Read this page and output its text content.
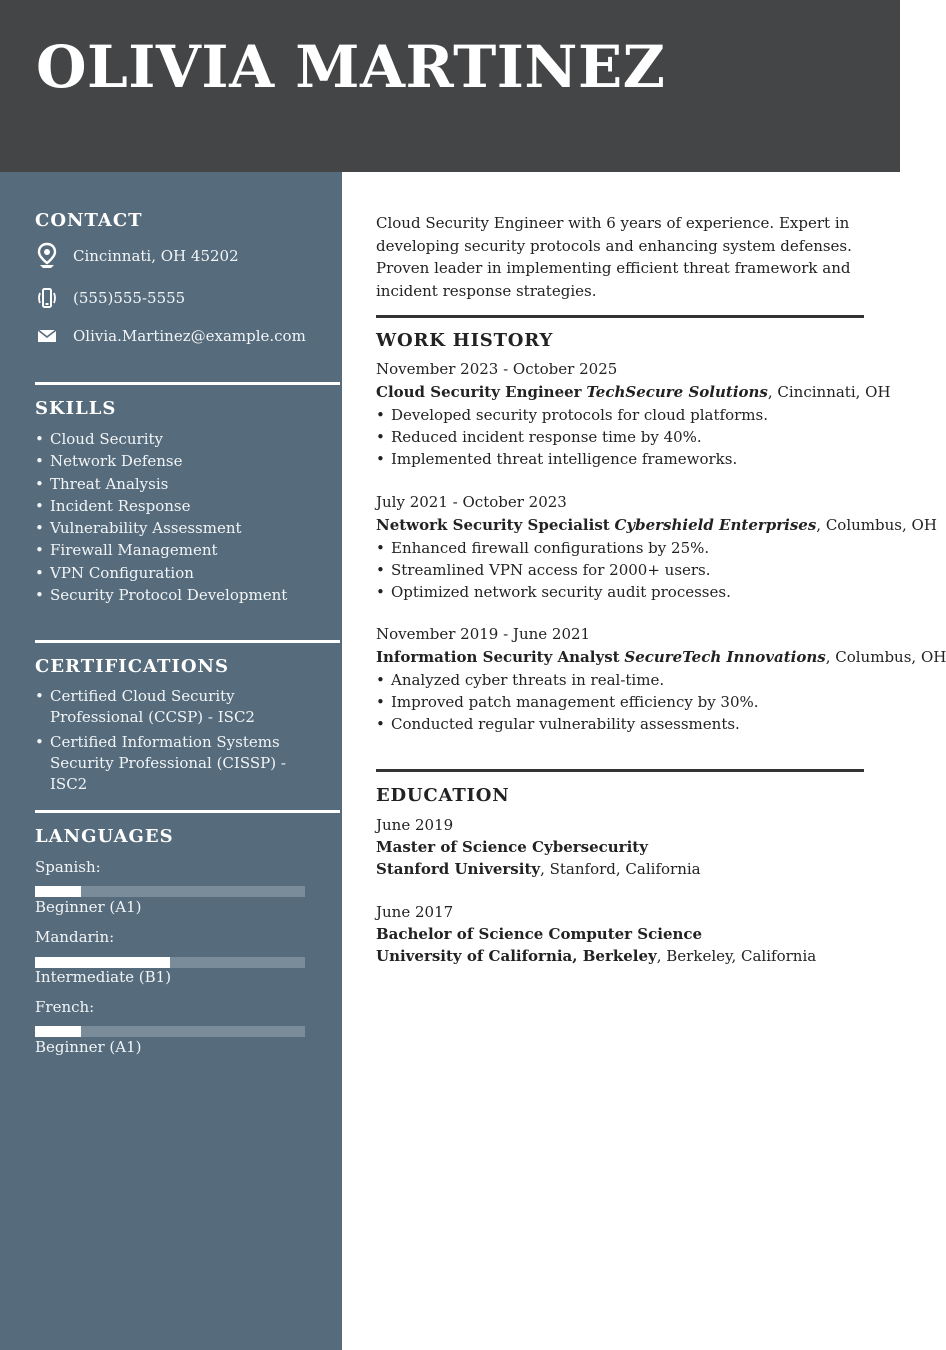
OLIVIA MARTINEZ
CONTACT
Cincinnati, OH 45202
(555)555-5555
Olivia.Martinez@example.com
SKILLS
• Cloud Security
• Network Defense
• Threat Analysis
• Incident Response
• Vulnerability Assessment
• Firewall Management
• VPN Configuration
• Security Protocol Development
CERTIFICATIONS
• Certified Cloud Security Professional (CCSP) - ISC2
• Certified Information Systems Security Professional (CISSP) - ISC2
LANGUAGES
Spanish:
Beginner (A1)
Mandarin:
Intermediate (B1)
French:
Beginner (A1)

Cloud Security Engineer with 6 years of experience. Expert in developing security protocols and enhancing system defenses. Proven leader in implementing efficient threat framework and incident response strategies.

WORK HISTORY
November 2023 - October 2025
Cloud Security Engineer TechSecure Solutions, Cincinnati, OH
• Developed security protocols for cloud platforms.
• Reduced incident response time by 40%.
• Implemented threat intelligence frameworks.
July 2021 - October 2023
Network Security Specialist Cybershield Enterprises, Columbus, OH
• Enhanced firewall configurations by 25%.
• Streamlined VPN access for 2000+ users.
• Optimized network security audit processes.
November 2019 - June 2021
Information Security Analyst SecureTech Innovations, Columbus, OH
• Analyzed cyber threats in real-time.
• Improved patch management efficiency by 30%.
• Conducted regular vulnerability assessments.
EDUCATION
June 2019
Master of Science Cybersecurity
Stanford University, Stanford, California
June 2017
Bachelor of Science Computer Science
University of California, Berkeley, Berkeley, California
